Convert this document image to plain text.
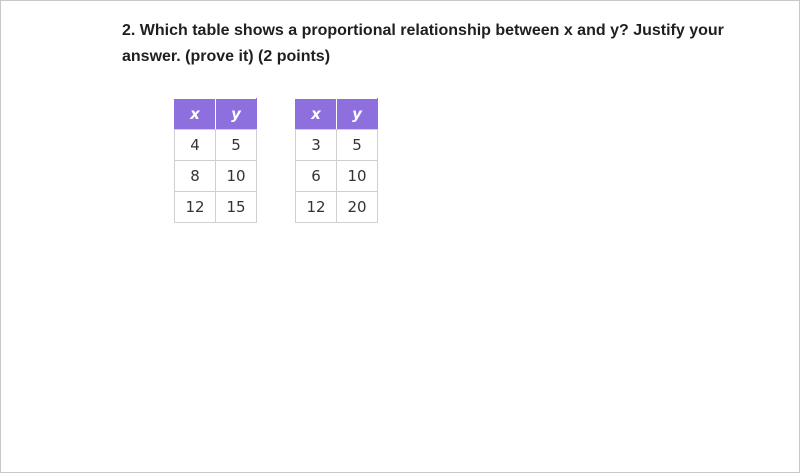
2. Which table shows a proportional relationship between x and y? Justify your answer. (prove it) (2 points)
x	y
4	5
8	10
12	15
x	y
3	5
6	10
12	20
